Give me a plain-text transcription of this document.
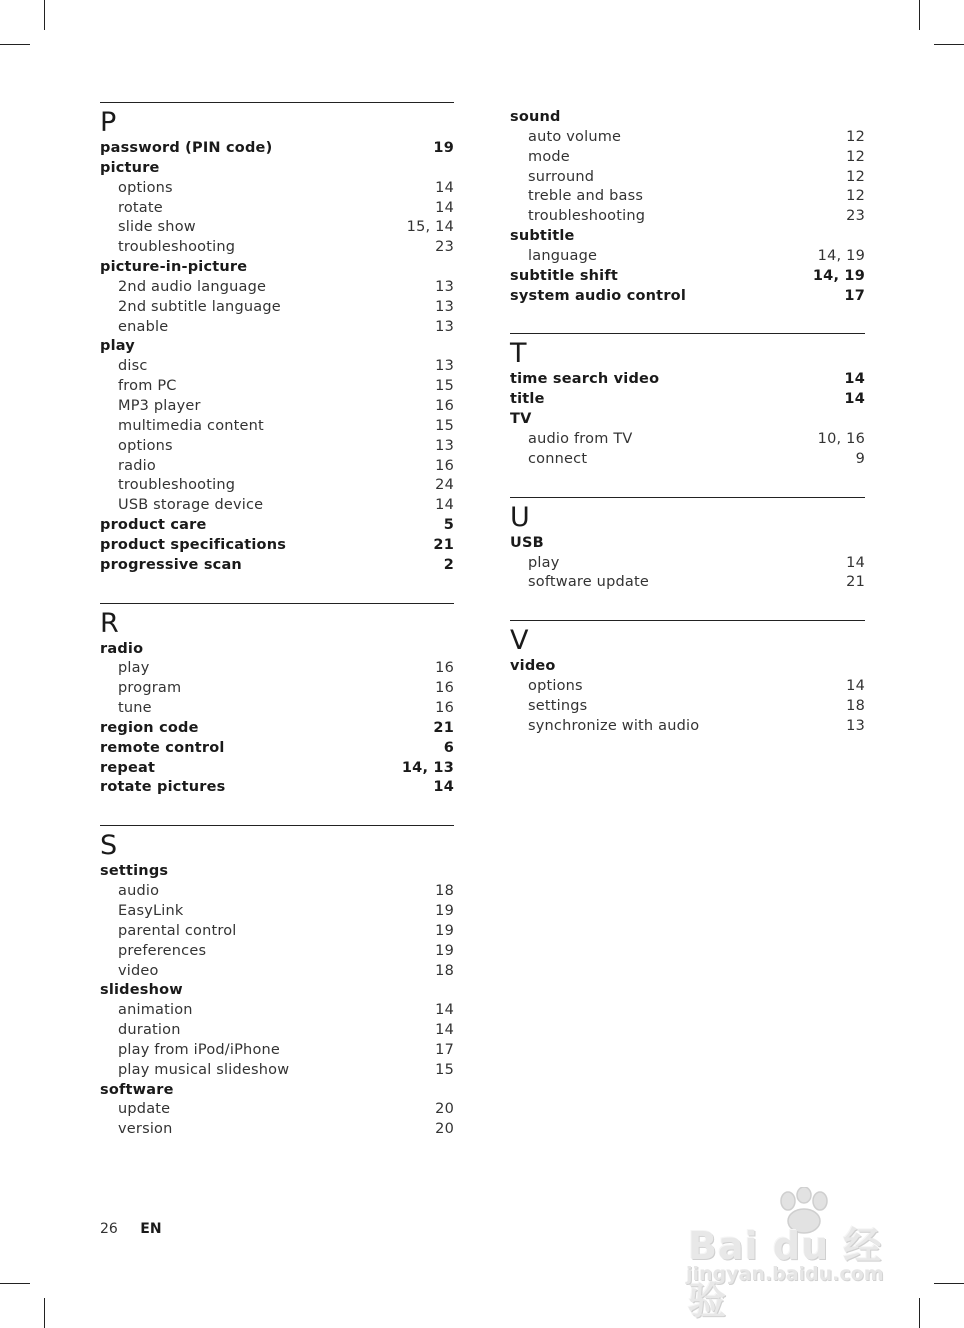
P
password (PIN code)	19
picture
options	14
rotate	14
slide show	15, 14
troubleshooting	23
picture-in-picture
2nd audio language	13
2nd subtitle language	13
enable	13
play
disc	13
from PC	15
MP3 player	16
multimedia content	15
options	13
radio	16
troubleshooting	24
USB storage device	14
product care	5
product specifications	21
progressive scan	2
R
radio
play	16
program	16
tune	16
region code	21
remote control	6
repeat	14, 13
rotate pictures	14
S
settings
audio	18
EasyLink	19
parental control	19
preferences	19
video	18
slideshow
animation	14
duration	14
play from iPod/iPhone	17
play musical slideshow	15
software
update	20
version	20
sound
auto volume	12
mode	12
surround	12
treble and bass	12
troubleshooting	23
subtitle
language	14, 19
subtitle shift	14, 19
system audio control	17
T
time search video	14
title	14
TV
audio from TV	10, 16
connect	9
U
USB
play	14
software update	21
V
video
options	14
settings	18
synchronize with audio	13
26 EN	Bai du 经验
jingyan.baidu.com
